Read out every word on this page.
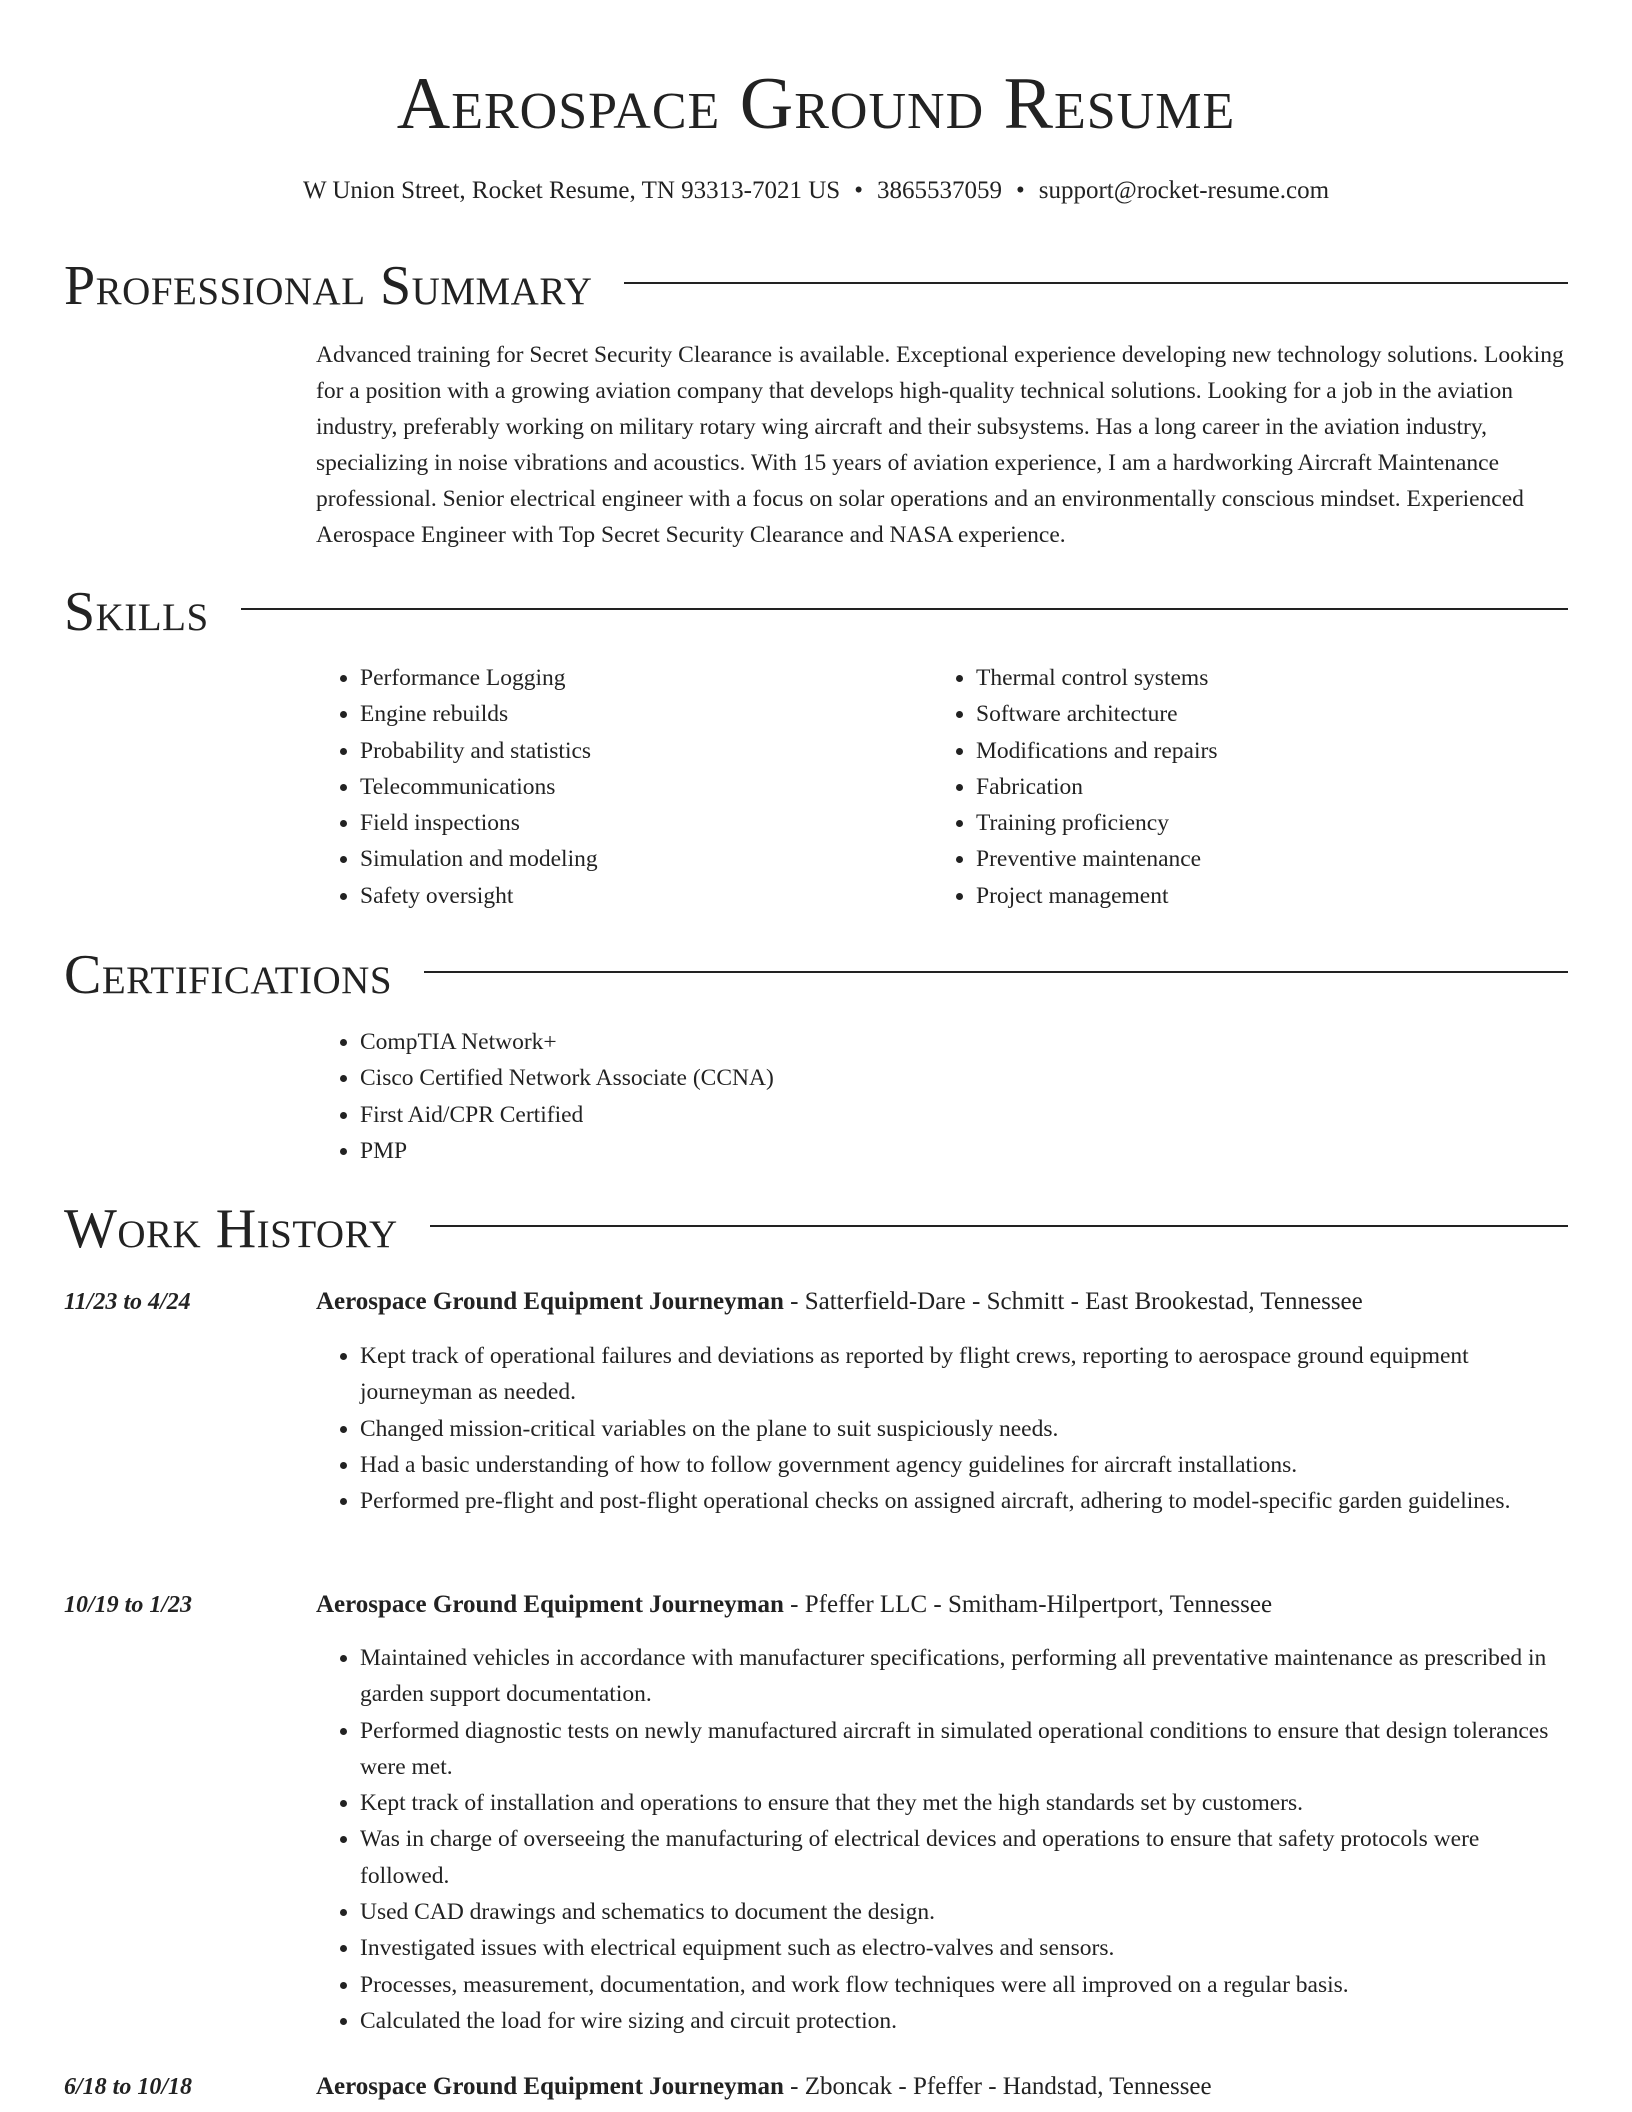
Aerospace Ground Resume
W Union Street, Rocket Resume, TN 93313-7021 US • 3865537059 • support@rocket-resume.com
Professional Summary
Advanced training for Secret Security Clearance is available. Exceptional experience developing new technology solutions. Looking for a position with a growing aviation company that develops high-quality technical solutions. Looking for a job in the aviation industry, preferably working on military rotary wing aircraft and their subsystems. Has a long career in the aviation industry, specializing in noise vibrations and acoustics. With 15 years of aviation experience, I am a hardworking Aircraft Maintenance professional. Senior electrical engineer with a focus on solar operations and an environmentally conscious mindset. Experienced Aerospace Engineer with Top Secret Security Clearance and NASA experience.
Skills
• Performance Logging
• Engine rebuilds
• Probability and statistics
• Telecommunications
• Field inspections
• Simulation and modeling
• Safety oversight
• Thermal control systems
• Software architecture
• Modifications and repairs
• Fabrication
• Training proficiency
• Preventive maintenance
• Project management
Certifications
• CompTIA Network+
• Cisco Certified Network Associate (CCNA)
• First Aid/CPR Certified
• PMP
Work History
11/23 to 4/24	Aerospace Ground Equipment Journeyman - Satterfield-Dare - Schmitt - East Brookestad, Tennessee
• Kept track of operational failures and deviations as reported by flight crews, reporting to aerospace ground equipment journeyman as needed.
• Changed mission-critical variables on the plane to suit suspiciously needs.
• Had a basic understanding of how to follow government agency guidelines for aircraft installations.
• Performed pre-flight and post-flight operational checks on assigned aircraft, adhering to model-specific garden guidelines.
10/19 to 1/23	Aerospace Ground Equipment Journeyman - Pfeffer LLC - Smitham-Hilpertport, Tennessee
• Maintained vehicles in accordance with manufacturer specifications, performing all preventative maintenance as prescribed in garden support documentation.
• Performed diagnostic tests on newly manufactured aircraft in simulated operational conditions to ensure that design tolerances were met.
• Kept track of installation and operations to ensure that they met the high standards set by customers.
• Was in charge of overseeing the manufacturing of electrical devices and operations to ensure that safety protocols were followed.
• Used CAD drawings and schematics to document the design.
• Investigated issues with electrical equipment such as electro-valves and sensors.
• Processes, measurement, documentation, and work flow techniques were all improved on a regular basis.
• Calculated the load for wire sizing and circuit protection.
6/18 to 10/18	Aerospace Ground Equipment Journeyman - Zboncak - Pfeffer - Handstad, Tennessee
